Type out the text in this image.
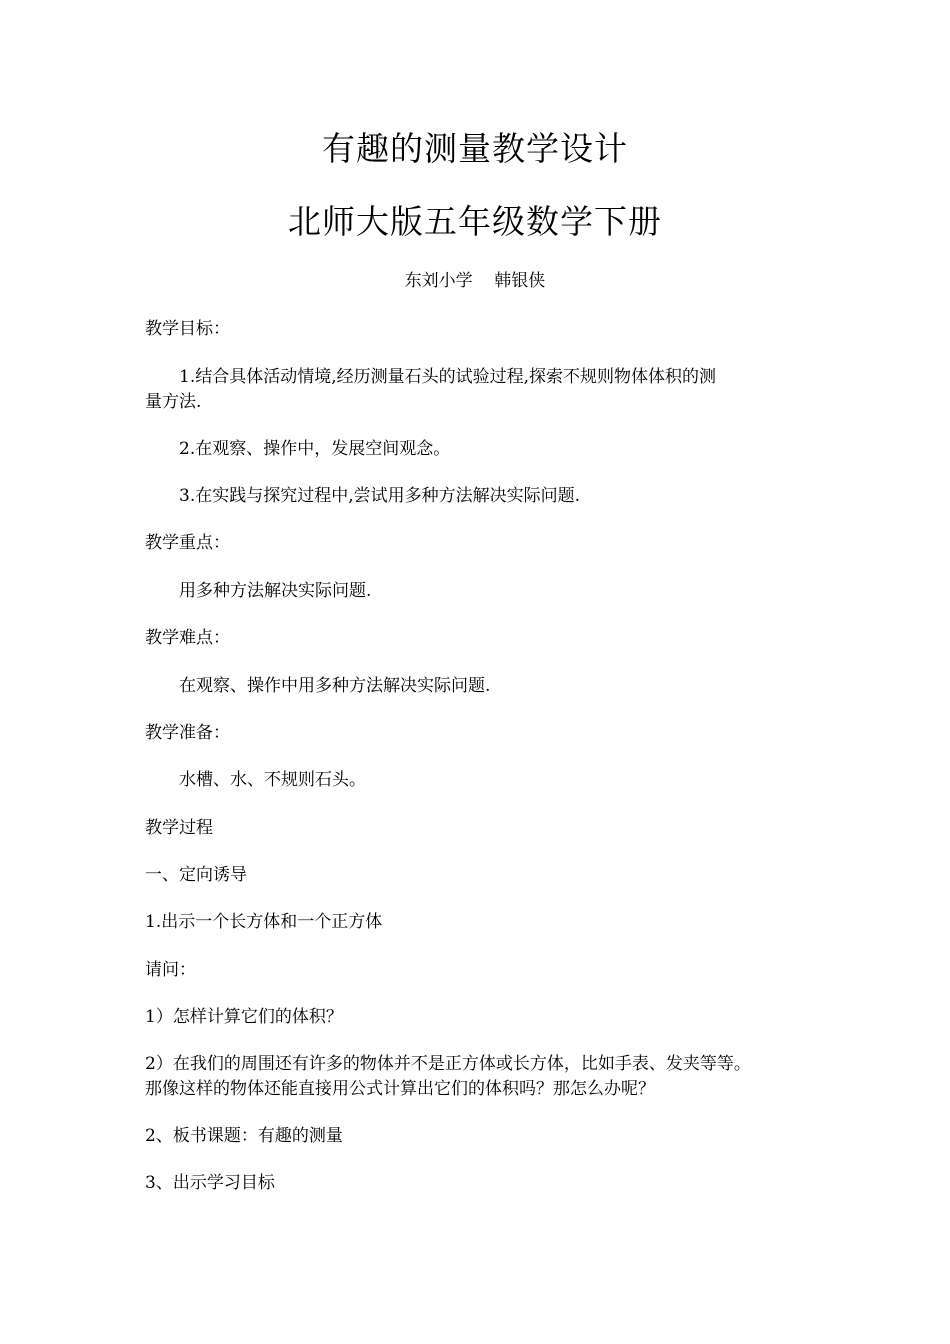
有趣的测量教学设计
北师大版五年级数学下册
东刘小学    韩银侠
教学目标：
1.结合具体活动情境,经历测量石头的试验过程,探索不规则物体体积的测
量方法.
2.在观察、操作中，发展空间观念。
3.在实践与探究过程中,尝试用多种方法解决实际问题.
教学重点：
用多种方法解决实际问题.
教学难点：
在观察、操作中用多种方法解决实际问题.
教学准备：
水槽、水、不规则石头。
教学过程
一、定向诱导
1.出示一个长方体和一个正方体
请问：
1）怎样计算它们的体积？
2）在我们的周围还有许多的物体并不是正方体或长方体，比如手表、发夹等等。
那像这样的物体还能直接用公式计算出它们的体积吗？那怎么办呢？
2、板书课题：有趣的测量
3、出示学习目标
